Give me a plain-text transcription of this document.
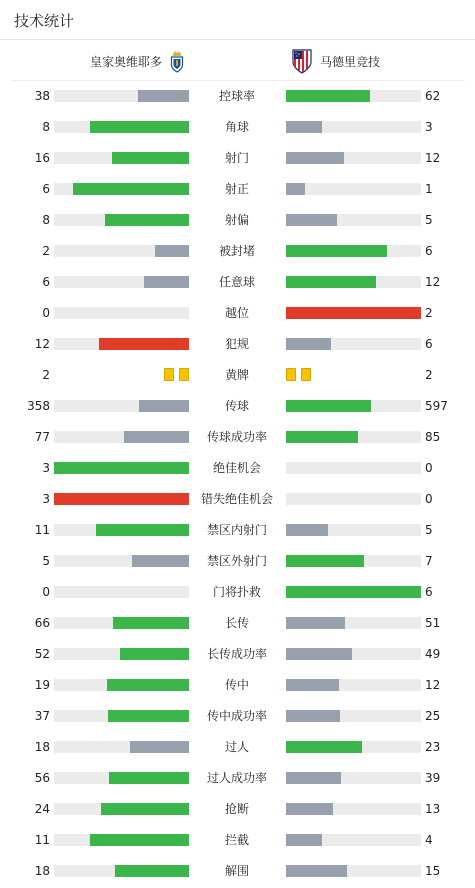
技术统计
皇家奥维耶多	马德里竞技
38	控球率	62
8	角球	3
16	射门	12
6	射正	1
8	射偏	5
2	被封堵	6
6	任意球	12
0	越位	2
12	犯规	6
2	黄牌	2
358	传球	597
77	传球成功率	85
3	绝佳机会	0
3	错失绝佳机会	0
11	禁区内射门	5
5	禁区外射门	7
0	门将扑救	6
66	长传	51
52	长传成功率	49
19	传中	12
37	传中成功率	25
18	过人	23
56	过人成功率	39
24	抢断	13
11	拦截	4
18	解围	15
